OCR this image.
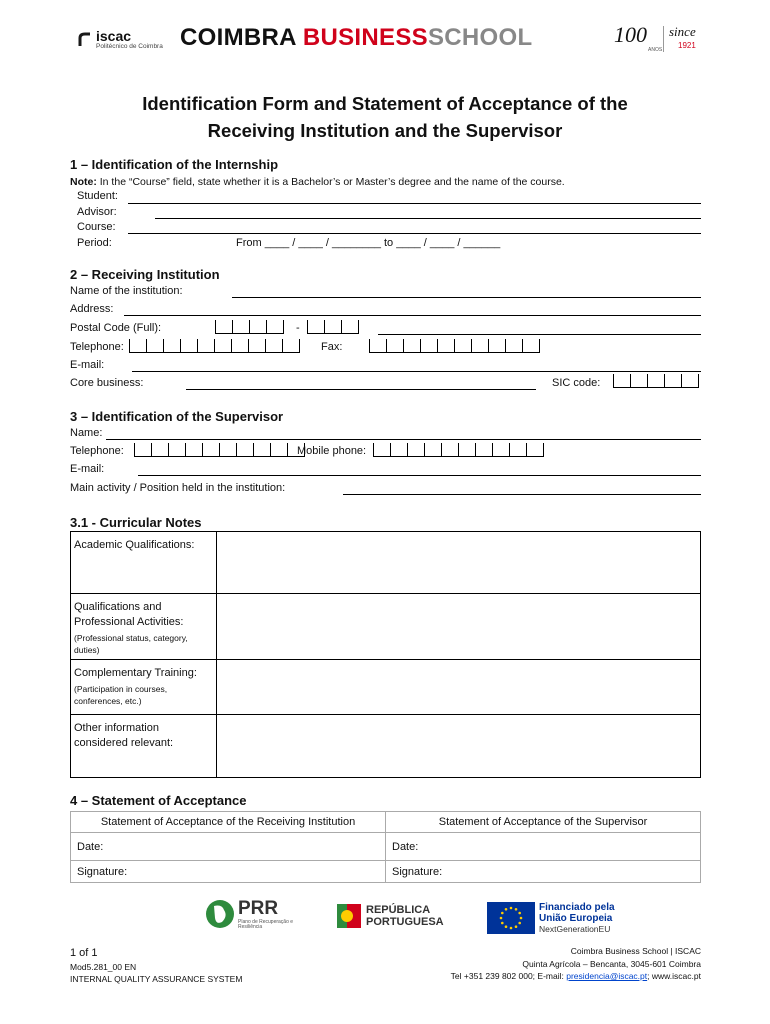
iscac
Politécnico de Coimbra COIMBRA BUSINESSSCHOOL	100
ANOS
since
1921
Identification Form and Statement of Acceptance of the
Receiving Institution and the Supervisor
1 – Identification of the Internship
Note: In the “Course” field, state whether it is a Bachelor’s or Master’s degree and the name of the course.
Student:
Advisor:
Course:
Period:	From ____ / ____ / ________ to ____ / ____ / ______
2 – Receiving Institution
Name of the institution:
Address:
Postal Code (Full):	-
Telephone:	Fax:
E-mail:
Core business:	SIC code:
3 – Identification of the Supervisor
Name:
Telephone:	Mobile phone:
E-mail:
Main activity / Position held in the institution:
3.1 - Curricular Notes
Academic Qualifications:	
Qualifications and Professional Activities:
(Professional status, category, duties)	

Complementary Training:
(Participation in courses, conferences, etc.)	

Other information considered relevant:	
4 – Statement of Acceptance
Statement of Acceptance of the Receiving Institution	Statement of Acceptance of the Supervisor
Date:	Date:
Signature:	Signature:
PRR
Plano de Recuperação e Resiliência
REPÚBLICA
PORTUGUESA
Financiado pela
União Europeia
NextGenerationEU
1 of 1
Mod5.281_00 EN
INTERNAL QUALITY ASSURANCE SYSTEM
Coimbra Business School | ISCAC
Quinta Agrícola – Bencanta, 3045-601 Coimbra
Tel +351 239 802 000; E-mail: presidencia@iscac.pt; www.iscac.pt
